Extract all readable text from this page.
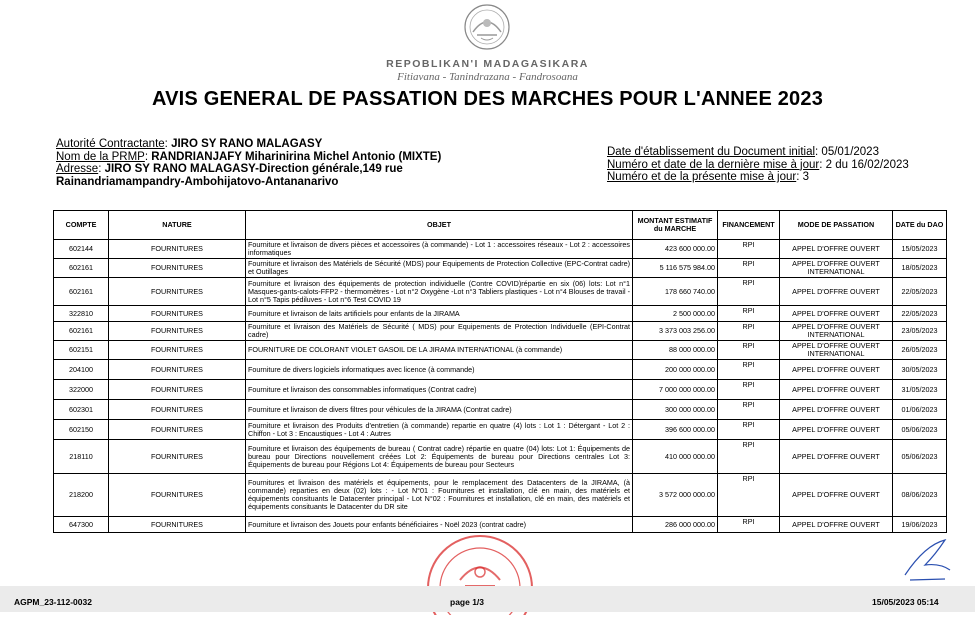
REPOBLIKAN'I MADAGASIKARA
Fitiavana - Tanindrazana - Fandrosoana
AVIS GENERAL DE PASSATION DES MARCHES POUR L'ANNEE 2023
Autorité Contractante: JIRO SY RANO MALAGASY
Nom de la PRMP: RANDRIANJAFY Miharinirina Michel Antonio (MIXTE)
Adresse: JIRO SY RANO MALAGASY-Direction générale,149 rue
Rainandriamampandry-Ambohijatovo-Antananarivo
Date d'établissement du Document initial: 05/01/2023
Numéro et date de la dernière mise à jour: 2 du 16/02/2023
Numéro et de la présente mise à jour: 3
COMPTE	NATURE	OBJET	MONTANT ESTIMATIF du MARCHE	FINANCEMENT	MODE DE PASSATION	DATE du DAO
602144	FOURNITURES	Fourniture et livraison de divers pièces et accessoires (à commande) - Lot 1 : accessoires réseaux - Lot 2 : accessoires informatiques	423 600 000.00	RPI	APPEL D'OFFRE OUVERT	15/05/2023
602161	FOURNITURES	Fourniture et livraison des Matériels de Sécurité (MDS) pour Equipements de Protection Collective (EPC-Contrat cadre) et Outillages	5 116 575 984.00	RPI	APPEL D'OFFRE OUVERT INTERNATIONAL	18/05/2023
602161	FOURNITURES	Fourniture et livraison des équipements de protection individuelle (Contre COVID)répartie en six (06) lots: Lot n°1 Masques-gants-calots-FFP2 - thermomètres - Lot n°2 Oxygène -Lot n°3 Tabliers plastiques - Lot n°4 Blouses de travail -Lot n°5 Tapis pédiluves - Lot n°6 Test COVID 19	178 660 740.00	RPI	APPEL D'OFFRE OUVERT	22/05/2023
322810	FOURNITURES	Fourniture et livraison de laits artificiels pour enfants de la JIRAMA	2 500 000.00	RPI	APPEL D'OFFRE OUVERT	22/05/2023
602161	FOURNITURES	Fourniture et livraison des Matériels de Sécurité ( MDS) pour Equipements de Protection Individuelle (EPI-Contrat cadre)	3 373 003 256.00	RPI	APPEL D'OFFRE OUVERT INTERNATIONAL	23/05/2023
602151	FOURNITURES	FOURNITURE DE COLORANT VIOLET GASOIL DE LA JIRAMA INTERNATIONAL (à commande)	88 000 000.00	RPI	APPEL D'OFFRE OUVERT INTERNATIONAL	26/05/2023
204100	FOURNITURES	Fourniture de divers logiciels informatiques avec licence (à commande)	200 000 000.00	RPI	APPEL D'OFFRE OUVERT	30/05/2023
322000	FOURNITURES	Fourniture et livraison des consommables informatiques (Contrat cadre)	7 000 000 000.00	RPI	APPEL D'OFFRE OUVERT	31/05/2023
602301	FOURNITURES	Fourniture et livraison de divers filtres pour véhicules de la JIRAMA (Contrat cadre)	300 000 000.00	RPI	APPEL D'OFFRE OUVERT	01/06/2023
602150	FOURNITURES	Fourniture et livraison des Produits d'entretien (à commande) repartie en quatre (4) lots : Lot 1 : Détergant - Lot 2 : Chiffon - Lot 3 : Encaustiques - Lot 4 : Autres	396 600 000.00	RPI	APPEL D'OFFRE OUVERT	05/06/2023
218110	FOURNITURES	Fourniture et livraison des équipements de bureau ( Contrat cadre) répartie en quatre (04) lots: Lot 1: Équipements de bureau pour Directions nouvellement créées Lot 2: Équipements de bureau pour Directions centrales Lot 3: Équipements de bureau pour Régions Lot 4: Équipements de bureau pour Secteurs	410 000 000.00	RPI	APPEL D'OFFRE OUVERT	05/06/2023
218200	FOURNITURES	Fournitures et livraison des matériels et équipements, pour le remplacement des Datacenters de la JIRAMA, (à commande) reparties en deux (02) lots : - Lot N°01 : Fournitures et installation, clé en main, des matériels et équipements consituants le Datacenter principal - Lot N°02 : Fournitures et installation, clé en main, des matériels et équipements consituants le Datacenter du DR site	3 572 000 000.00	RPI	APPEL D'OFFRE OUVERT	08/06/2023
647300	FOURNITURES	Fourniture et livraison des Jouets pour enfants bénéficiaires - Noël 2023 (contrat cadre)	286 000 000.00	RPI	APPEL D'OFFRE OUVERT	19/06/2023
AGPM_23-112-0032	page 1/3	15/05/2023 05:14
